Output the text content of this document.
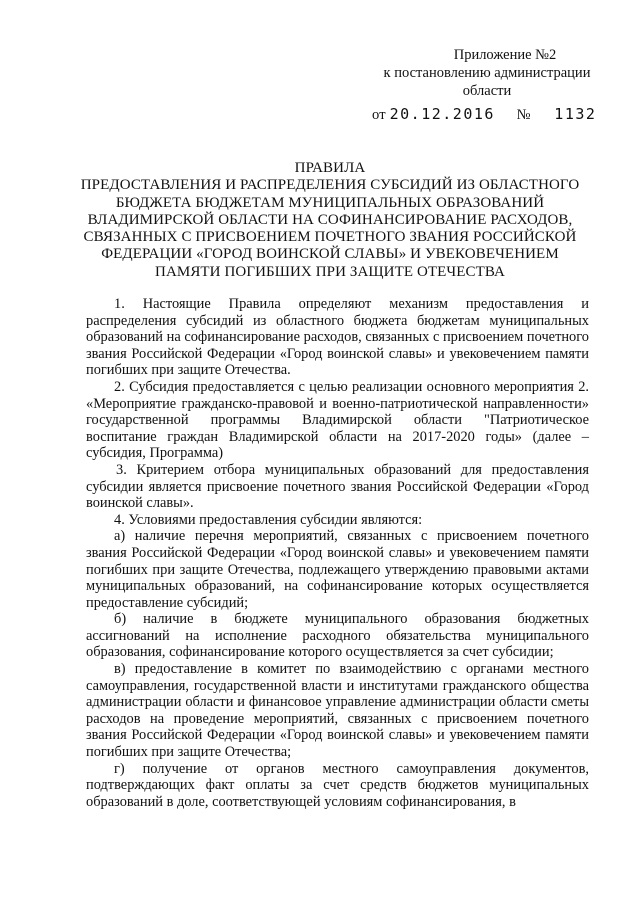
Приложение №2
к постановлению администрации
области
от 20.12.2016 № 1132
ПРАВИЛА
ПРЕДОСТАВЛЕНИЯ И РАСПРЕДЕЛЕНИЯ СУБСИДИЙ ИЗ ОБЛАСТНОГО БЮДЖЕТА БЮДЖЕТАМ МУНИЦИПАЛЬНЫХ ОБРАЗОВАНИЙ ВЛАДИМИРСКОЙ ОБЛАСТИ НА СОФИНАНСИРОВАНИЕ РАСХОДОВ, СВЯЗАННЫХ С ПРИСВОЕНИЕМ ПОЧЕТНОГО ЗВАНИЯ РОССИЙСКОЙ ФЕДЕРАЦИИ «ГОРОД ВОИНСКОЙ СЛАВЫ» И УВЕКОВЕЧЕНИЕМ ПАМЯТИ ПОГИБШИХ ПРИ ЗАЩИТЕ ОТЕЧЕСТВА

1. Настоящие Правила определяют механизм предоставления и распределения субсидий из областного бюджета бюджетам муниципальных образований на софинансирование расходов, связанных с присвоением почетного звания Российской Федерации «Город воинской славы» и увековечением памяти погибших при защите Отечества.

2. Субсидия предоставляется с целью реализации основного мероприятия 2. «Мероприятие гражданско-правовой и военно-патриотической направленности» государственной программы Владимирской области "Патриотическое воспитание граждан Владимирской области на 2017-2020 годы» (далее – субсидия, Программа)

3. Критерием отбора муниципальных образований для предоставления субсидии является присвоение почетного звания Российской Федерации «Город воинской славы».

4. Условиями предоставления субсидии являются:

а) наличие перечня мероприятий, связанных с присвоением почетного звания Российской Федерации «Город воинской славы» и увековечением памяти погибших при защите Отечества, подлежащего утверждению правовыми актами муниципальных образований, на софинансирование которых осуществляется предоставление субсидий;

б) наличие в бюджете муниципального образования бюджетных ассигнований на исполнение расходного обязательства муниципального образования, софинансирование которого осуществляется за счет субсидии;

в) предоставление в комитет по взаимодействию с органами местного самоуправления, государственной власти и институтами гражданского общества администрации области и финансовое управление администрации области сметы расходов на проведение мероприятий, связанных с присвоением почетного звания Российской Федерации «Город воинской славы» и увековечением памяти погибших при защите Отечества;

г) получение от органов местного самоуправления документов, подтверждающих факт оплаты за счет средств бюджетов муниципальных образований в доле, соответствующей условиям софинансирования, в
